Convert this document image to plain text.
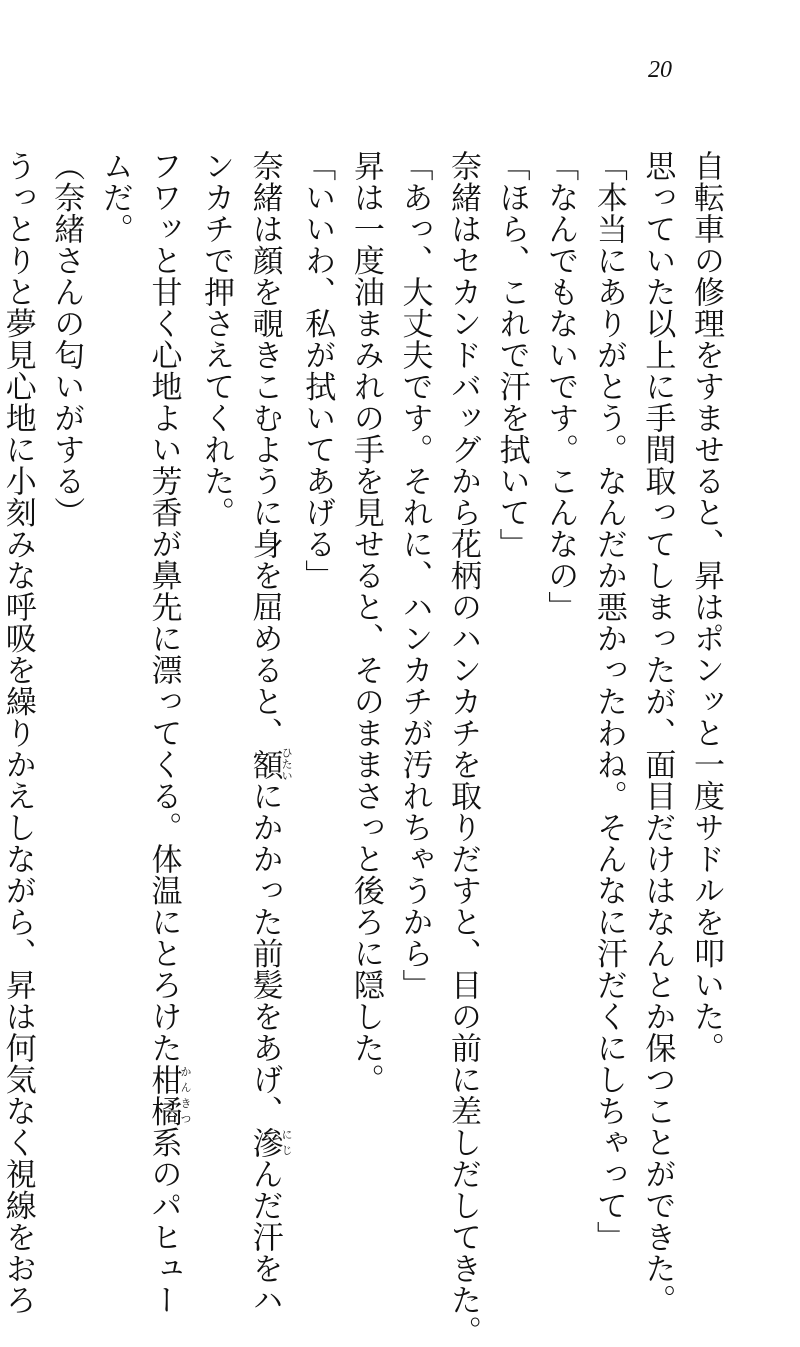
20
自転車の修理をすませると、昇はポンッと一度サドルを叩いた。
思っていた以上に手間取ってしまったが、面目だけはなんとか保つことができた。
「本当にありがとう。なんだか悪かったわね。そんなに汗だくにしちゃって」
「なんでもないです。こんなの」
「ほら、これで汗を拭いて」
奈緒はセカンドバッグから花柄のハンカチを取りだすと、目の前に差しだしてきた。
「あっ、大丈夫です。それに、ハンカチが汚れちゃうから」
昇は一度油まみれの手を見せると、そのままさっと後ろに隠した。
「いいわ、私が拭いてあげる」
奈緒は顔を覗きこむように身を屈めると、額ひたいにかかった前髪をあげ、滲にじんだ汗をハ
ンカチで押さえてくれた。
フワッと甘く心地よい芳香が鼻先に漂ってくる。体温にとろけた柑橘かんきつ系のパヒュー
ムだ。
（奈緒さんの匂いがする）
うっとりと夢見心地に小刻みな呼吸を繰りかえしながら、昇は何気なく視線をおろ
